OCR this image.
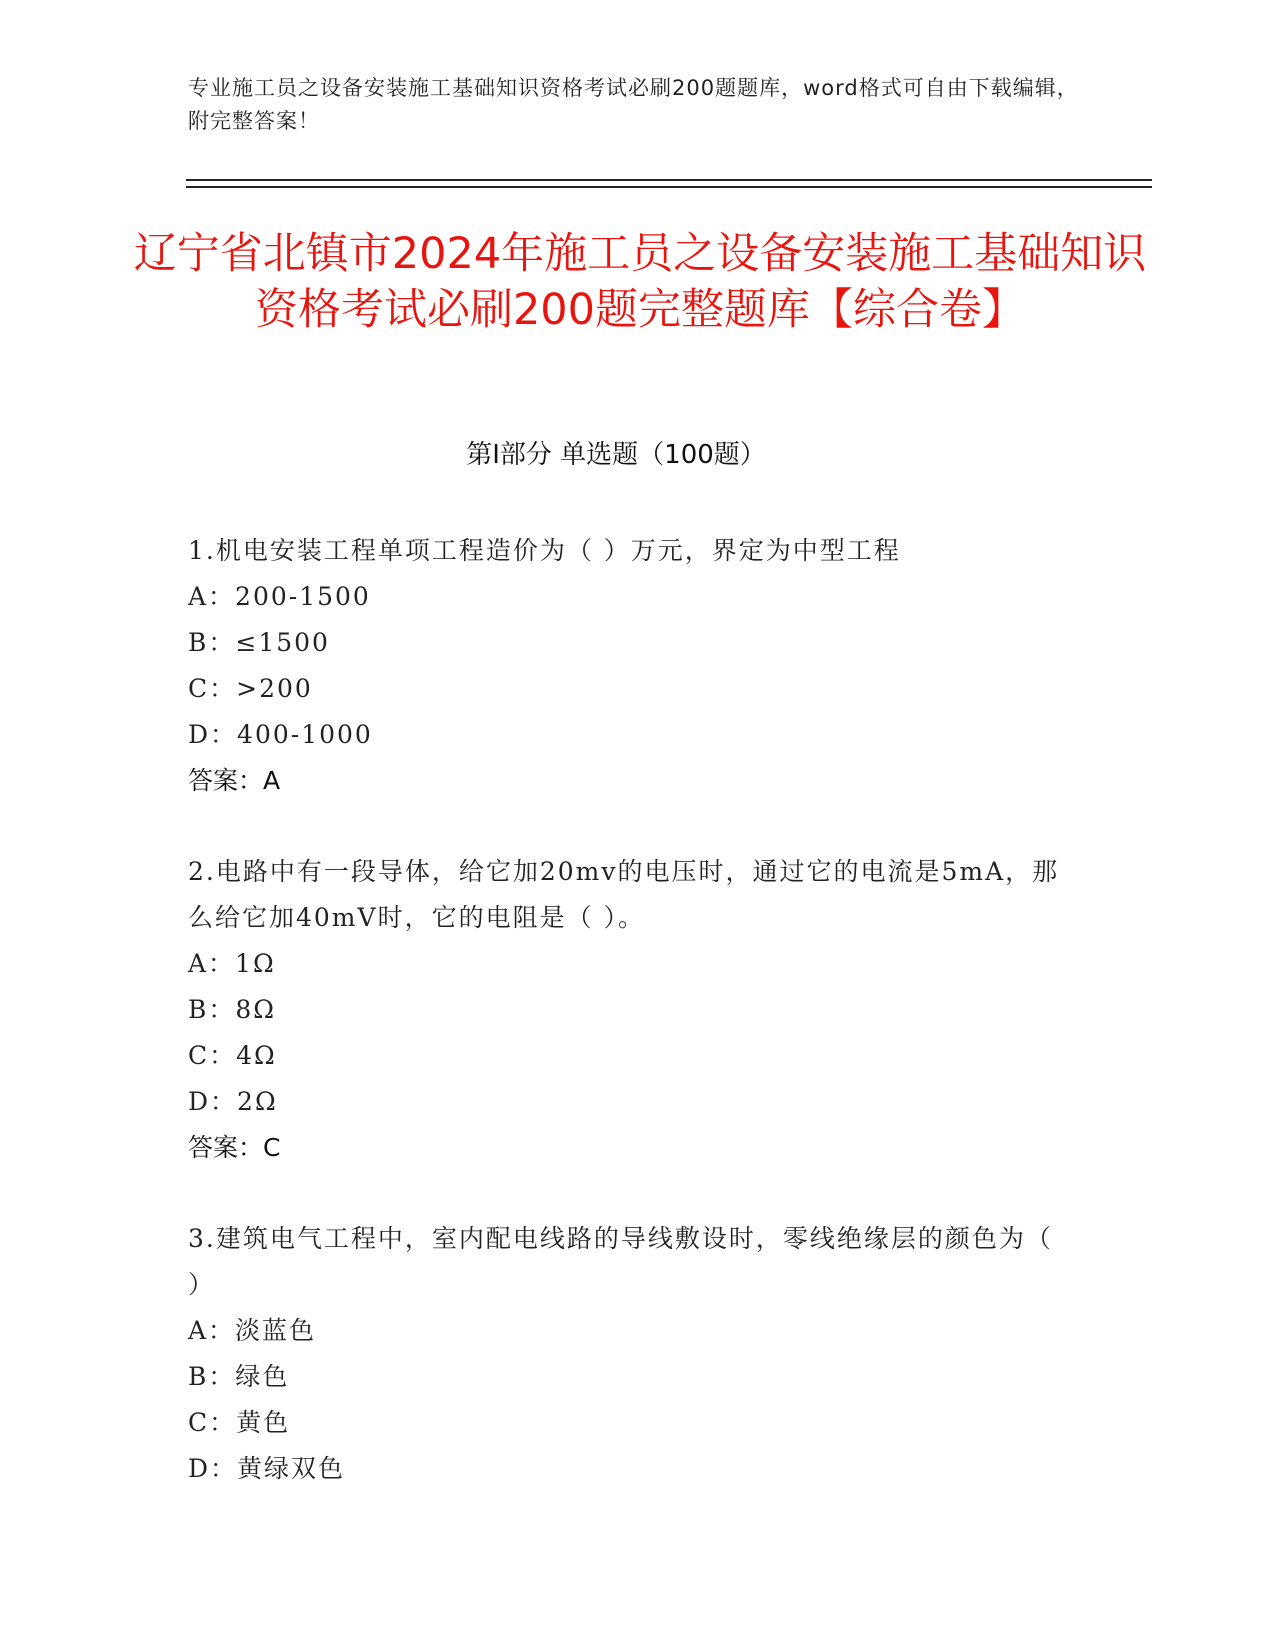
专业施工员之设备安装施工基础知识资格考试必刷200题题库，word格式可自由下载编辑，附完整答案！
辽宁省北镇市2024年施工员之设备安装施工基础知识资格考试必刷200题完整题库【综合卷】
第I部分 单选题（100题）
1.机电安装工程单项工程造价为（ ）万元，界定为中型工程
A：200-1500
B：≤1500
C：>200
D：400-1000
答案：A
2.电路中有一段导体，给它加20mv的电压时，通过它的电流是5mA，那么给它加40mV时，它的电阻是（ ）。
A：1Ω
B：8Ω
C：4Ω
D：2Ω
答案：C
3.建筑电气工程中，室内配电线路的导线敷设时，零线绝缘层的颜色为（ ）
A：淡蓝色
B：绿色
C：黄色
D：黄绿双色
